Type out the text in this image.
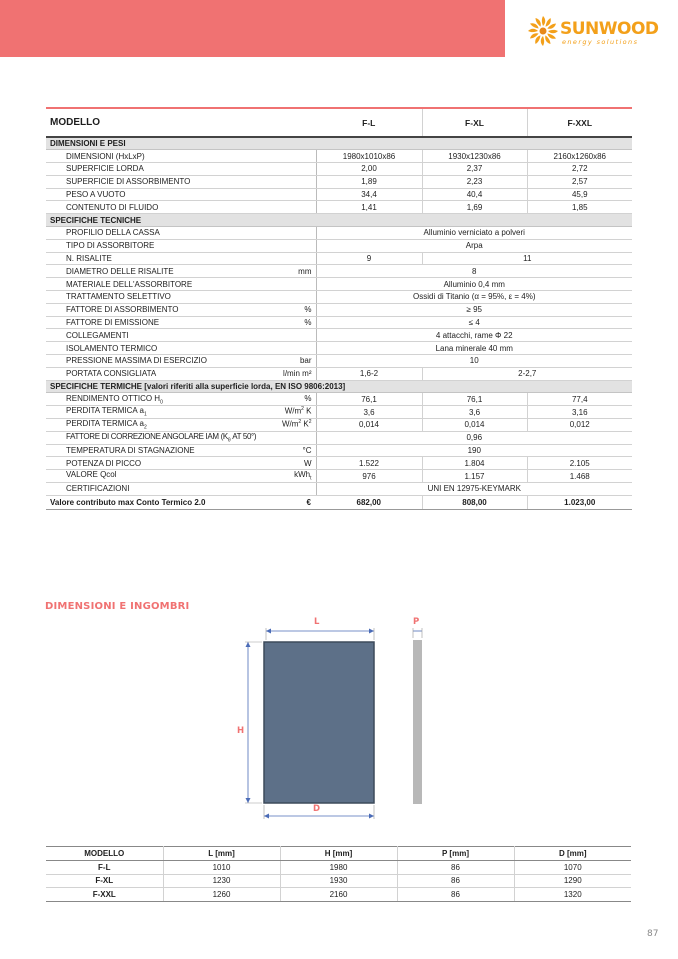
SUNWOOD
energy solutions
MODELLO	F-L	F-XL	F-XXL
DIMENSIONI E PESI			
DIMENSIONI (HxLxP)	1980x1010x86	1930x1230x86	2160x1260x86
SUPERFICIE LORDA	2,00	2,37	2,72
SUPERFICIE DI ASSORBIMENTO	1,89	2,23	2,57
PESO A VUOTO	34,4	40,4	45,9
CONTENUTO DI FLUIDO	1,41	1,69	1,85
SPECIFICHE TECNICHE			
PROFILIO DELLA CASSA	Alluminio verniciato a polveri		
TIPO DI ASSORBITORE	Arpa		
N. RISALITE	9	11	
DIAMETRO DELLE RISALITE mm	8		
MATERIALE DELL'ASSORBITORE	Alluminio 0,4 mm		
TRATTAMENTO SELETTIVO	Ossidi di Titanio (α = 95%, ε = 4%)		
FATTORE DI ASSORBIMENTO %	≥ 95		
FATTORE DI EMISSIONE %	≤ 4		
COLLEGAMENTI	4 attacchi, rame Φ 22		
ISOLAMENTO TERMICO	Lana minerale 40 mm		
PRESSIONE MASSIMA DI ESERCIZIO bar	10		
PORTATA CONSIGLIATA l/min m²	1,6-2	2-2,7	
SPECIFICHE TERMICHE [valori riferiti alla superficie lorda, EN ISO 9806:2013]			
RENDIMENTO OTTICO $H_0$ %	76,1	76,1	77,4
PERDITA TERMICA $a_1$ $W/m^2$ K	3,6	3,6	3,16
PERDITA TERMICA $a_2$ $W/m^2$ $K^2$	0,014	0,014	0,012
FATTORE DI CORREZIONE ANGOLARE IAM ($K_\theta$ AT 50°)	0,96		
TEMPERATURA DI STAGNAZIONE °C	190		
POTENZA DI PICCO W	1.522	1.804	2.105
VALORE Qcol kWh$_t$	976	1.157	1.468
CERTIFICAZIONI	UNI EN 12975-KEYMARK		
Valore contributo max Conto Termico 2.0 €	682,00	808,00	1.023,00
DIMENSIONI E INGOMBRI
L
H
D
P
MODELLO	L [mm]	H [mm]	P [mm]	D [mm]
F-L	1010	1980	86	1070
F-XL	1230	1930	86	1290
F-XXL	1260	2160	86	1320
87
